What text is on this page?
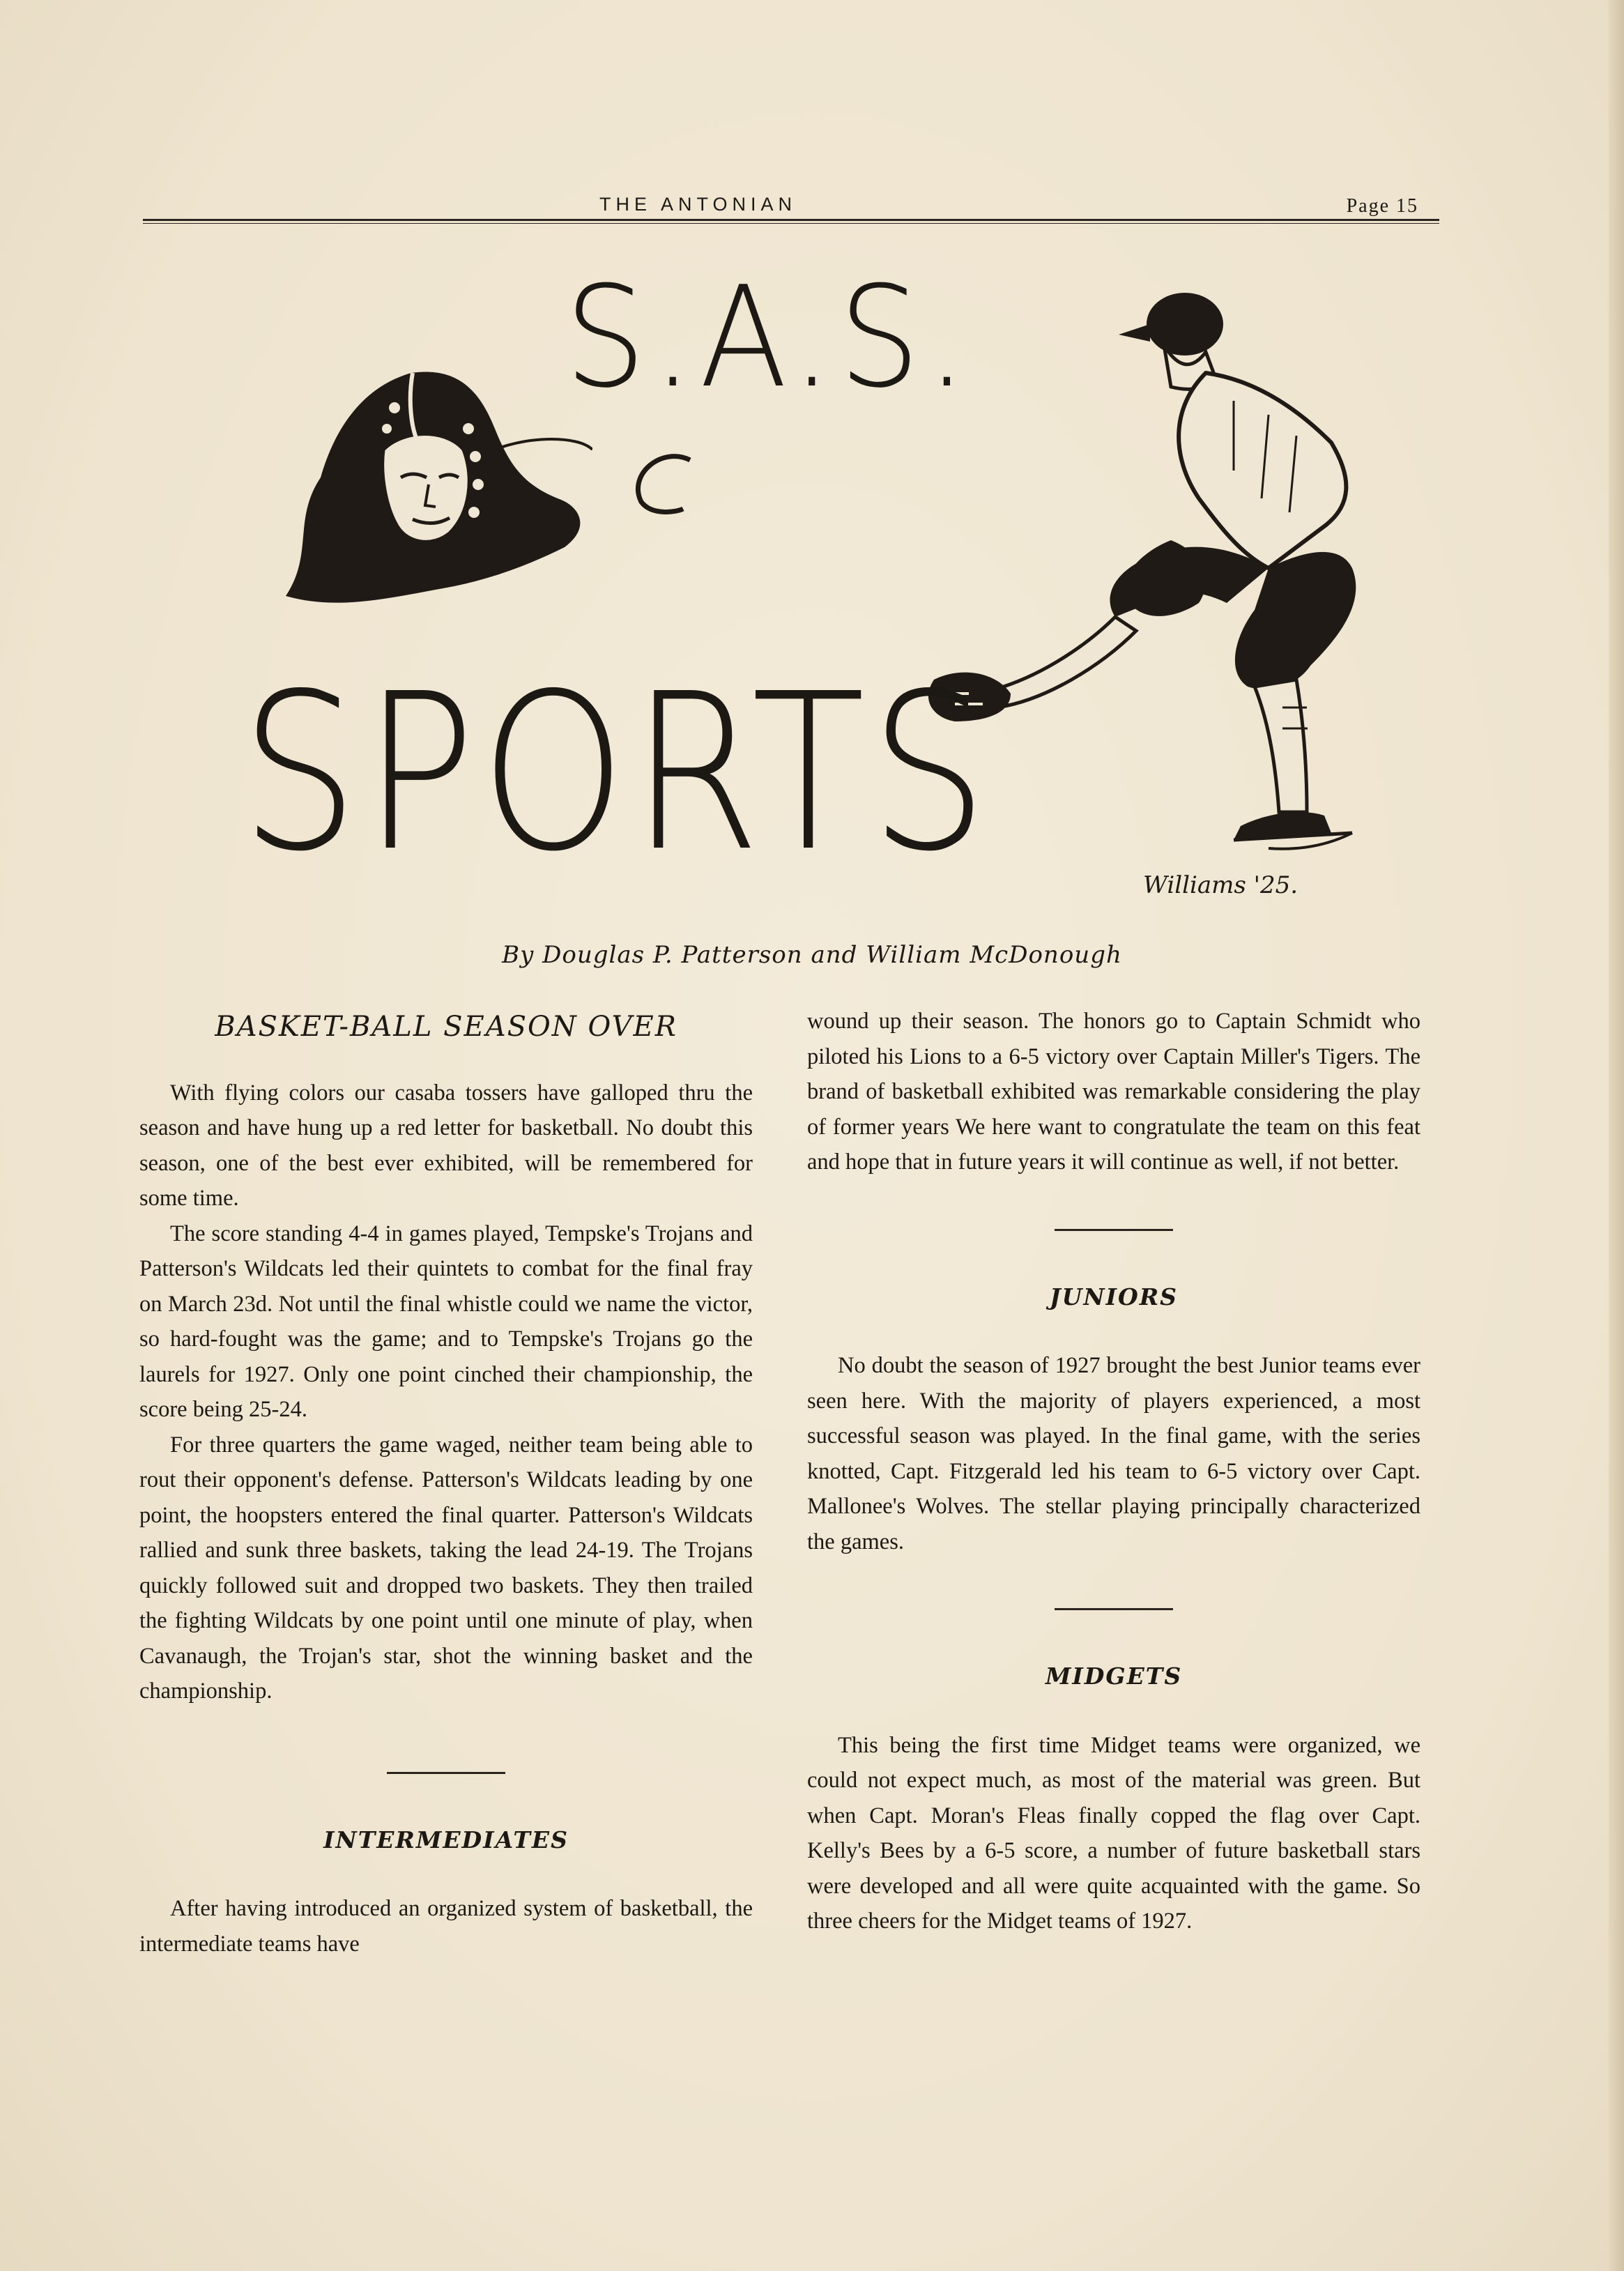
THE ANTONIAN	Page 15
S.A.S.
SPORTS	Williams '25.
By Douglas P. Patterson and William McDonough
BASKET-BALL SEASON OVER

With flying colors our casaba tossers have galloped thru the season and have hung up a red letter for basketball. No doubt this season, one of the best ever exhibited, will be remembered for some time.

The score standing 4-4 in games played, Tempske's Trojans and Patterson's Wildcats led their quintets to combat for the final fray on March 23d. Not until the final whistle could we name the victor, so hard-fought was the game; and to Tempske's Trojans go the laurels for 1927. Only one point cinched their championship, the score being 25-24.

For three quarters the game waged, neither team being able to rout their opponent's defense. Patterson's Wildcats leading by one point, the hoopsters entered the final quarter. Patterson's Wildcats rallied and sunk three baskets, taking the lead 24-19. The Trojans quickly followed suit and dropped two baskets. They then trailed the fighting Wildcats by one point until one minute of play, when Cavanaugh, the Trojan's star, shot the winning basket and the championship.

INTERMEDIATES

After having introduced an organized system of basketball, the intermediate teams have

wound up their season. The honors go to Captain Schmidt who piloted his Lions to a 6-5 victory over Captain Miller's Tigers. The brand of basketball exhibited was remarkable considering the play of former years We here want to congratulate the team on this feat and hope that in future years it will continue as well, if not better.

JUNIORS

No doubt the season of 1927 brought the best Junior teams ever seen here. With the majority of players experienced, a most successful season was played. In the final game, with the series knotted, Capt. Fitzgerald led his team to 6-5 victory over Capt. Mallonee's Wolves. The stellar playing principally characterized the games.

MIDGETS

This being the first time Midget teams were organized, we could not expect much, as most of the material was green. But when Capt. Moran's Fleas finally copped the flag over Capt. Kelly's Bees by a 6-5 score, a number of future basketball stars were developed and all were quite acquainted with the game. So three cheers for the Midget teams of 1927.
